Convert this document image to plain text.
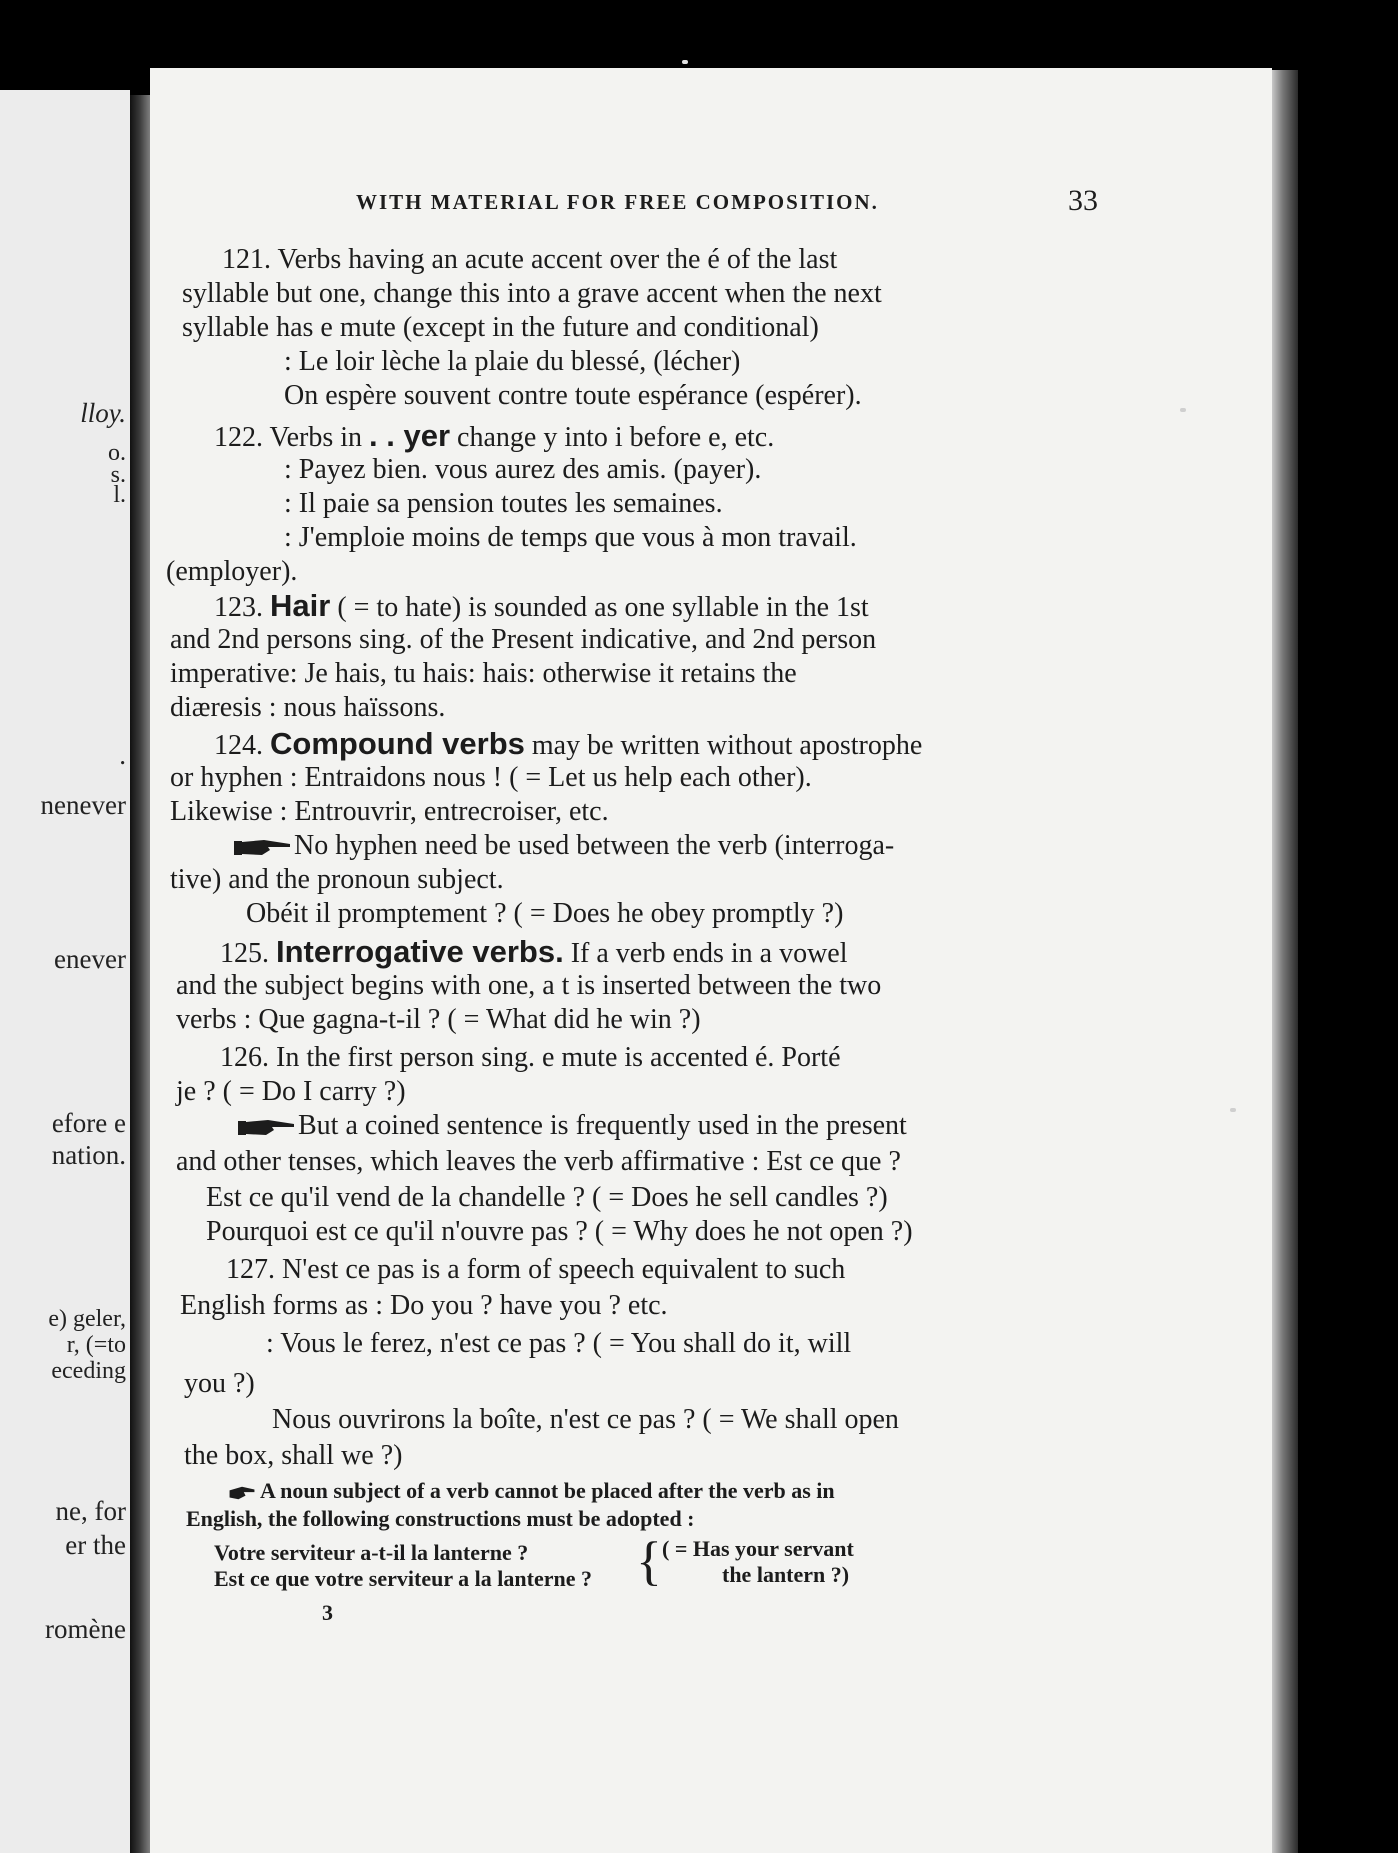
lloy.
o.
s.
l.
.
nenever
enever
efore e
nation.
e) geler,
r, (=to
eceding
ne, for
er the
romène
WITH MATERIAL FOR FREE COMPOSITION.	33
121. Verbs having an acute accent over the é of the last
syllable but one, change this into a grave accent when the next
syllable has e mute (except in the future and conditional)
: Le loir lèche la plaie du blessé, (lécher)
On espère souvent contre toute espérance (espérer).
122. Verbs in . . yer change y into i before e, etc.
: Payez bien. vous aurez des amis. (payer).
: Il paie sa pension toutes les semaines.
: J'emploie moins de temps que vous à mon travail.
(employer).
123. Hair ( = to hate) is sounded as one syllable in the 1st
and 2nd persons sing. of the Present indicative, and 2nd person
imperative: Je hais, tu hais: hais: otherwise it retains the
diæresis : nous haïssons.
124. Compound verbs may be written without apostrophe
or hyphen : Entraidons nous ! ( = Let us help each other).
Likewise : Entrouvrir, entrecroiser, etc.
No hyphen need be used between the verb (interroga-
tive) and the pronoun subject.
Obéit il promptement ? ( = Does he obey promptly ?)
125. Interrogative verbs. If a verb ends in a vowel
and the subject begins with one, a t is inserted between the two
verbs : Que gagna-t-il ? ( = What did he win ?)
126. In the first person sing. e mute is accented é. Porté
je ? ( = Do I carry ?)
But a coined sentence is frequently used in the present
and other tenses, which leaves the verb affirmative : Est ce que ?
Est ce qu'il vend de la chandelle ? ( = Does he sell candles ?)
Pourquoi est ce qu'il n'ouvre pas ? ( = Why does he not open ?)
127. N'est ce pas is a form of speech equivalent to such
English forms as : Do you ? have you ? etc.
: Vous le ferez, n'est ce pas ? ( = You shall do it, will
you ?)
Nous ouvrirons la boîte, n'est ce pas ? ( = We shall open
the box, shall we ?)
A noun subject of a verb cannot be placed after the verb as in
English, the following constructions must be adopted :
Votre serviteur a-t-il la lanterne ?
Est ce que votre serviteur a la lanterne ? { ( = Has your servant
the lantern ?)
3
